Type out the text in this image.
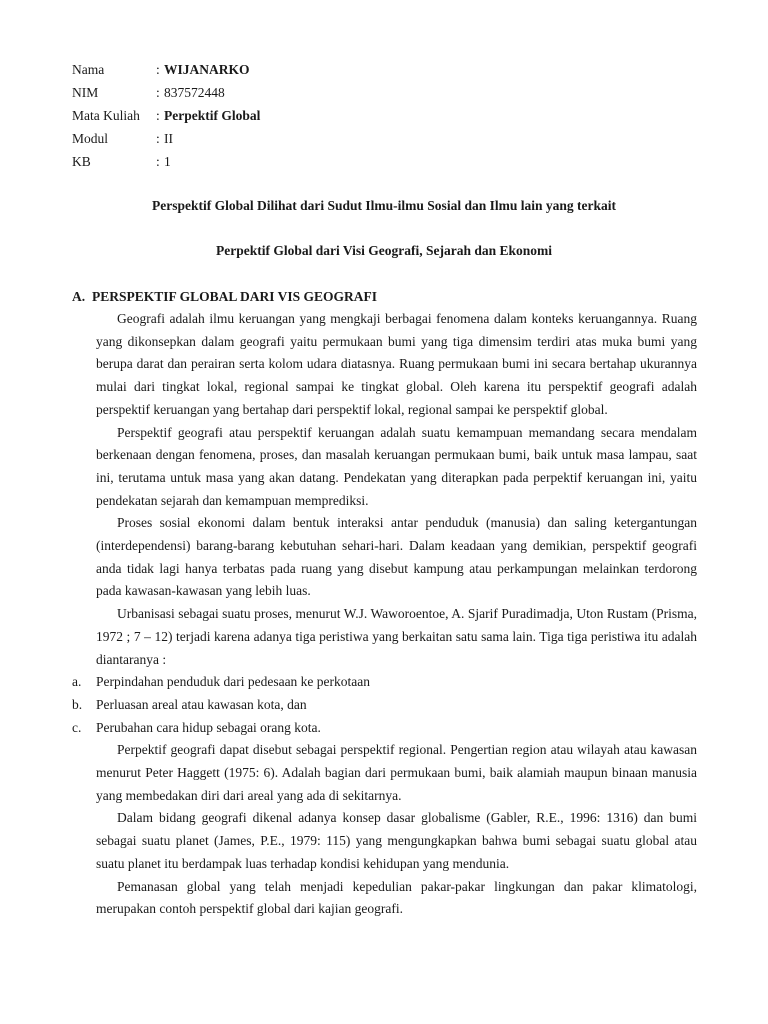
Nama	: WIJANARKO
NIM	: 837572448
Mata Kuliah	: Perpektif Global
Modul	: II
KB	: 1
Perspektif Global Dilihat dari Sudut Ilmu-ilmu Sosial dan Ilmu lain yang terkait
Perpektif Global dari Visi Geografi, Sejarah dan Ekonomi
A. PERSPEKTIF GLOBAL DARI VIS GEOGRAFI

Geografi adalah ilmu keruangan yang mengkaji berbagai fenomena dalam konteks keruangannya. Ruang yang dikonsepkan dalam geografi yaitu permukaan bumi yang tiga dimensim terdiri atas muka bumi yang berupa darat dan perairan serta kolom udara diatasnya. Ruang permukaan bumi ini secara bertahap ukurannya mulai dari tingkat lokal, regional sampai ke tingkat global. Oleh karena itu perspektif geografi adalah perspektif keruangan yang bertahap dari perspektif lokal, regional sampai ke perspektif global.

Perspektif geografi atau perspektif keruangan adalah suatu kemampuan memandang secara mendalam berkenaan dengan fenomena, proses, dan masalah keruangan permukaan bumi, baik untuk masa lampau, saat ini, terutama untuk masa yang akan datang. Pendekatan yang diterapkan pada perpektif keruangan ini, yaitu pendekatan sejarah dan kemampuan memprediksi.

Proses sosial ekonomi dalam bentuk interaksi antar penduduk (manusia) dan saling ketergantungan (interdependensi) barang-barang kebutuhan sehari-hari. Dalam keadaan yang demikian, perspektif geografi anda tidak lagi hanya terbatas pada ruang yang disebut kampung atau perkampungan melainkan terdorong pada kawasan-kawasan yang lebih luas.

Urbanisasi sebagai suatu proses, menurut W.J. Waworoentoe, A. Sjarif Puradimadja, Uton Rustam (Prisma, 1972 ; 7 – 12) terjadi karena adanya tiga peristiwa yang berkaitan satu sama lain. Tiga tiga peristiwa itu adalah diantaranya :

a.	Perpindahan penduduk dari pedesaan ke perkotaan
b.	Perluasan areal atau kawasan kota, dan
c.	Perubahan cara hidup sebagai orang kota.

Perpektif geografi dapat disebut sebagai perspektif regional. Pengertian region atau wilayah atau kawasan menurut Peter Haggett (1975: 6). Adalah bagian dari permukaan bumi, baik alamiah maupun binaan manusia yang membedakan diri dari areal yang ada di sekitarnya.

Dalam bidang geografi dikenal adanya konsep dasar globalisme (Gabler, R.E., 1996: 1316) dan bumi sebagai suatu planet (James, P.E., 1979: 115) yang mengungkapkan bahwa bumi sebagai suatu global atau suatu planet itu berdampak luas terhadap kondisi kehidupan yang mendunia.

Pemanasan global yang telah menjadi kepedulian pakar-pakar lingkungan dan pakar klimatologi, merupakan contoh perspektif global dari kajian geografi.
